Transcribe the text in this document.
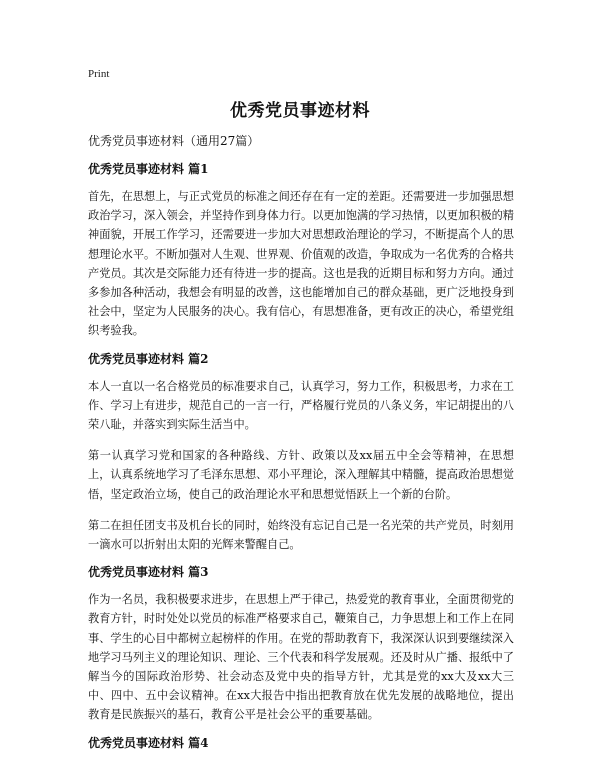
Print
优秀党员事迹材料

优秀党员事迹材料（通用27篇）

优秀党员事迹材料 篇1

首先，在思想上，与正式党员的标准之间还存在有一定的差距。还需要进一步加强思想政治学习，深入领会，并坚持作到身体力行。以更加饱满的学习热情，以更加积极的精神面貌，开展工作学习，还需要进一步加大对思想政治理论的学习，不断提高个人的思想理论水平。不断加强对人生观、世界观、价值观的改造，争取成为一名优秀的合格共产党员。其次是交际能力还有待进一步的提高。这也是我的近期目标和努力方向。通过多参加各种活动，我想会有明显的改善，这也能增加自己的群众基础，更广泛地投身到社会中，坚定为人民服务的决心。我有信心，有思想准备，更有改正的决心，希望党组织考验我。

优秀党员事迹材料 篇2

本人一直以一名合格党员的标准要求自己，认真学习，努力工作，积极思考，力求在工作、学习上有进步，规范自己的一言一行，严格履行党员的八条义务，牢记胡提出的八荣八耻，并落实到实际生活当中。

第一认真学习党和国家的各种路线、方针、政策以及xx届五中全会等精神，在思想上，认真系统地学习了毛泽东思想、邓小平理论，深入理解其中精髓，提高政治思想觉悟，坚定政治立场，使自己的政治理论水平和思想觉悟跃上一个新的台阶。

第二在担任团支书及机台长的同时，始终没有忘记自己是一名光荣的共产党员，时刻用一滴水可以折射出太阳的光辉来警醒自己。

优秀党员事迹材料 篇3

作为一名员，我积极要求进步，在思想上严于律己，热爱党的教育事业，全面贯彻党的教育方针，时时处处以党员的标准严格要求自己，鞭策自己，力争思想上和工作上在同事、学生的心目中都树立起榜样的作用。在党的帮助教育下，我深深认识到要继续深入地学习马列主义的理论知识、理论、三个代表和科学发展观。还及时从广播、报纸中了解当今的国际政治形势、社会动态及党中央的指导方针，尤其是党的xx大及xx大三中、四中、五中会议精神。在xx大报告中指出把教育放在优先发展的战略地位，提出教育是民族振兴的基石，教育公平是社会公平的重要基础。

优秀党员事迹材料 篇4
